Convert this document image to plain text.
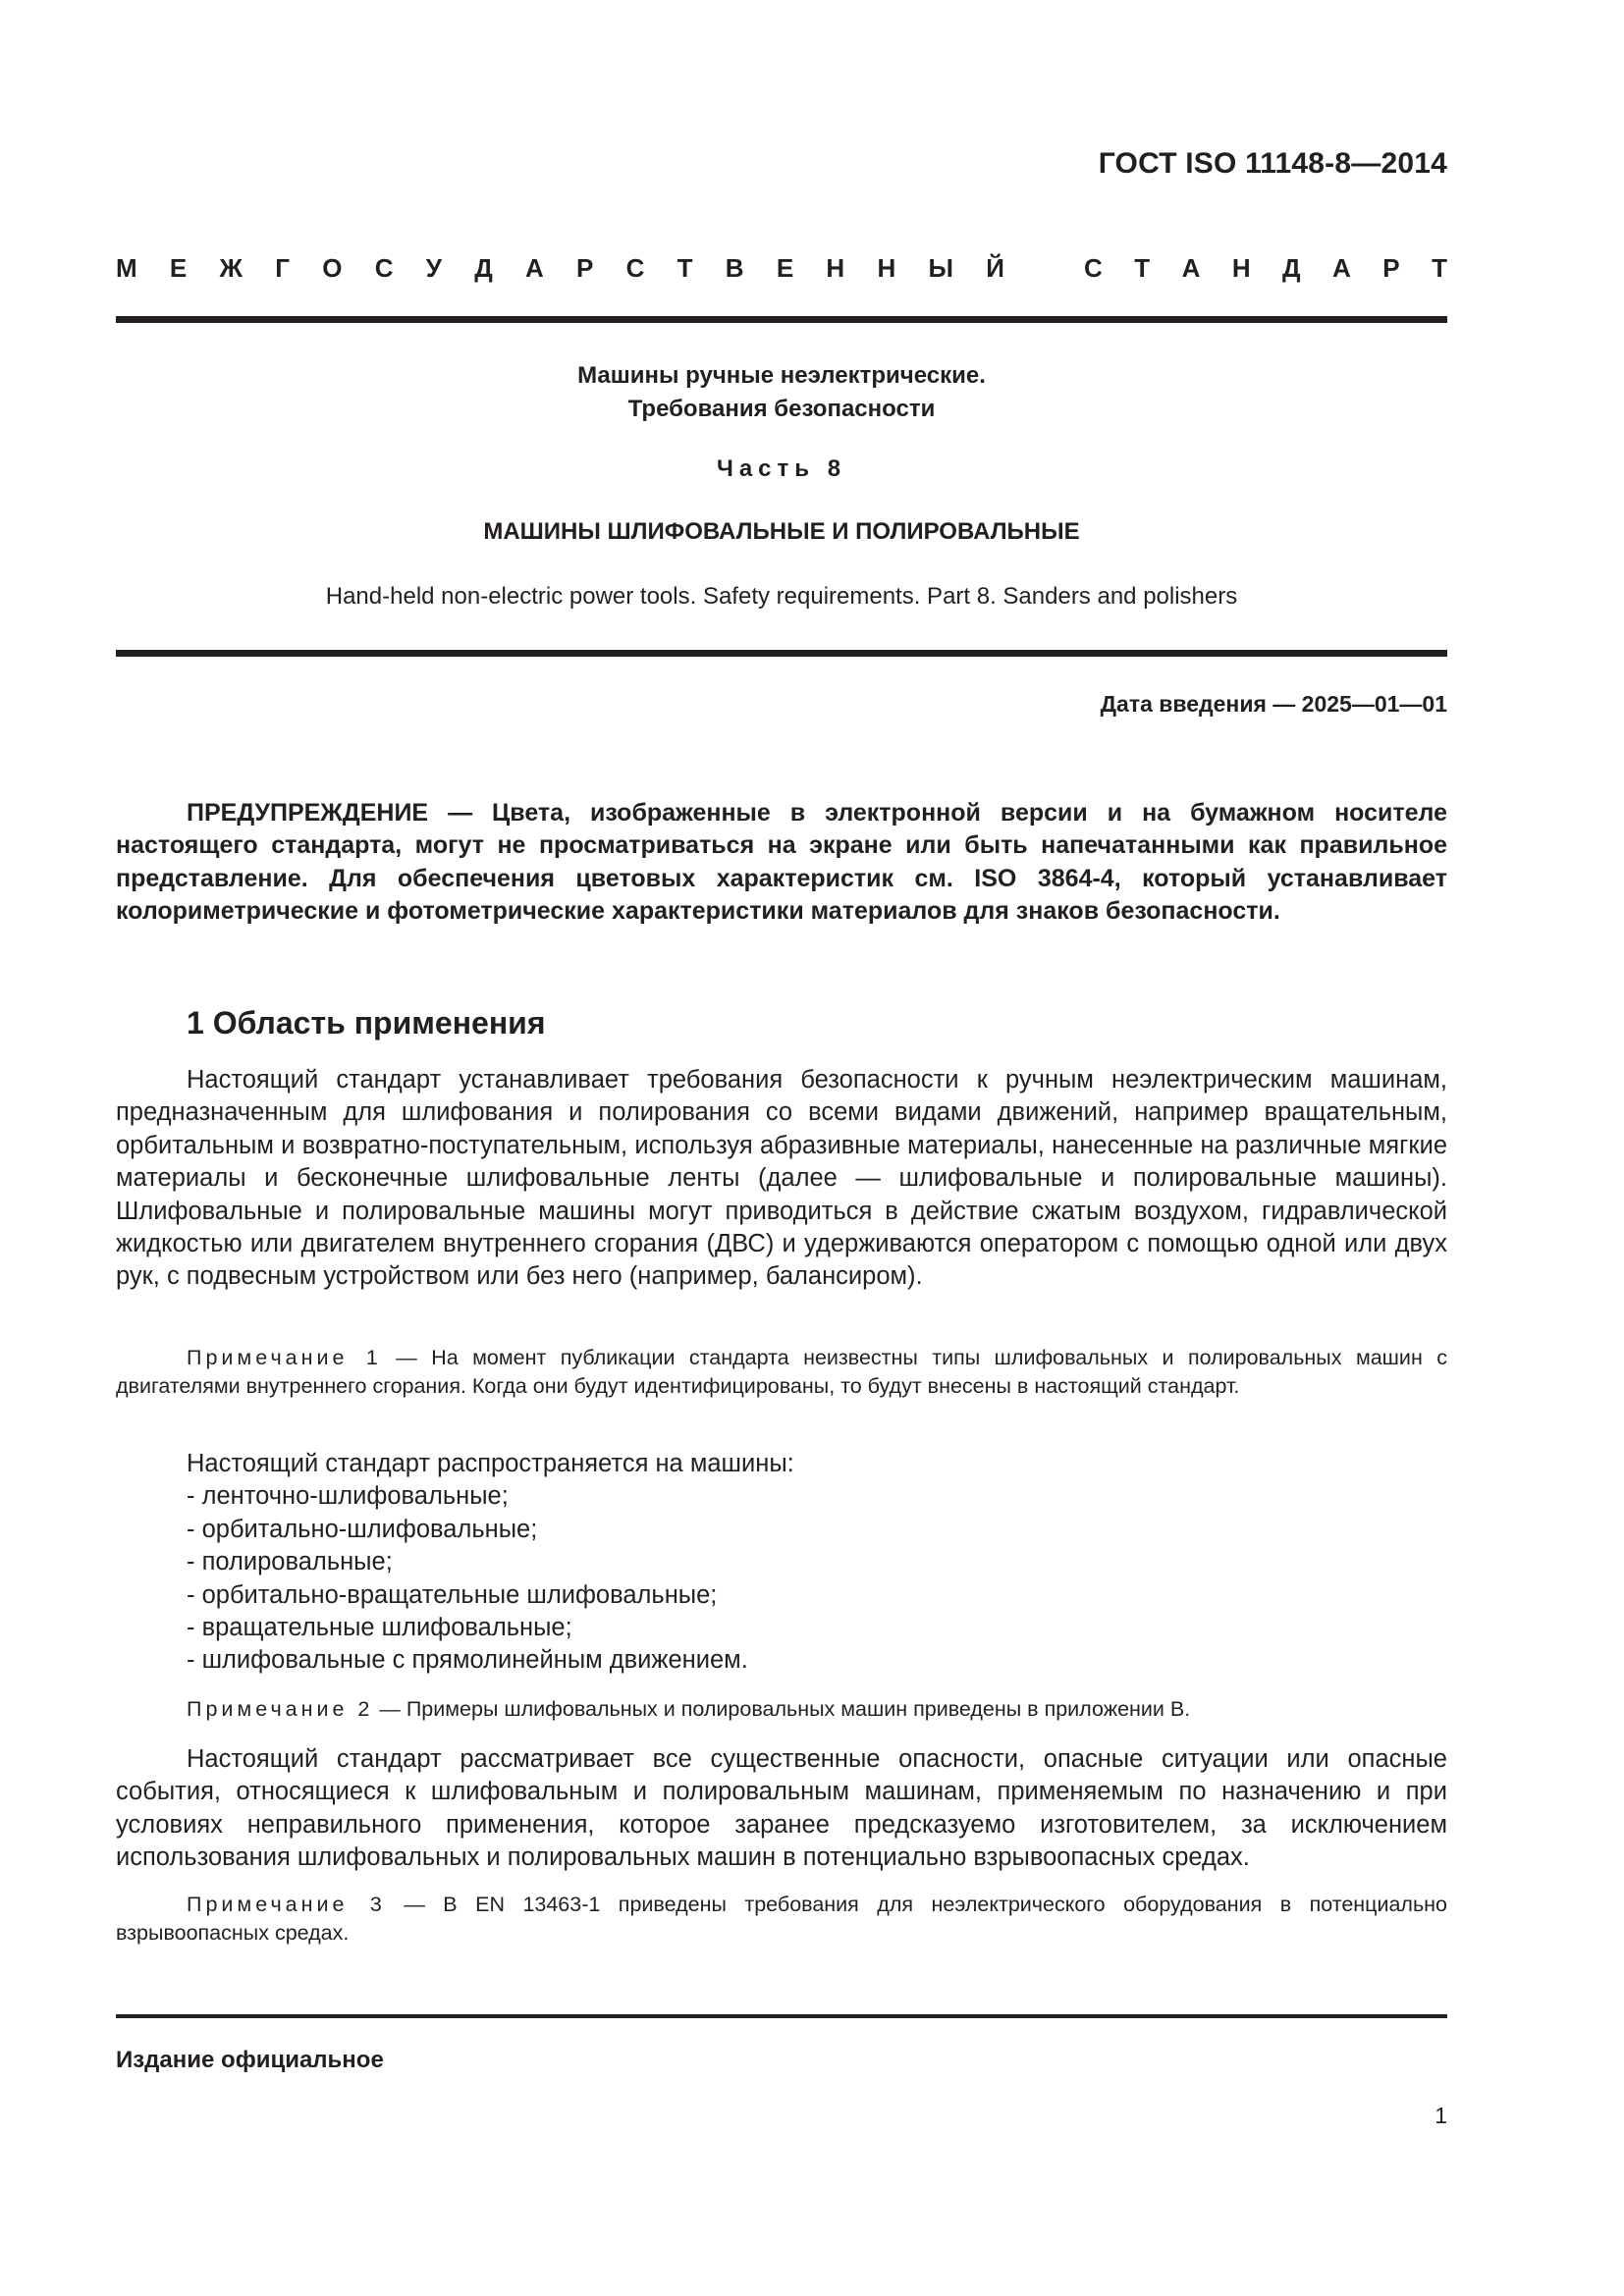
ГОСТ ISO 11148-8—2014
М Е Ж Г О С У Д А Р С Т В Е Н Н Ы Й	С Т А Н Д А Р Т
Машины ручные неэлектрические.
Требования безопасности
Часть 8
МАШИНЫ ШЛИФОВАЛЬНЫЕ И ПОЛИРОВАЛЬНЫЕ
Hand-held non-electric power tools. Safety requirements. Part 8. Sanders and polishers
Дата введения — 2025—01—01

ПРЕДУПРЕЖДЕНИЕ — Цвета, изображенные в электронной версии и на бумажном носителе настоящего стандарта, могут не просматриваться на экране или быть напечатанными как правильное представление. Для обеспечения цветовых характеристик см. ISO 3864-4, который устанавливает колориметрические и фотометрические характеристики материалов для знаков безопасности.

1 Область применения

Настоящий стандарт устанавливает требования безопасности к ручным неэлектрическим машинам, предназначенным для шлифования и полирования со всеми видами движений, например вращательным, орбитальным и возвратно-поступательным, используя абразивные материалы, нанесенные на различные мягкие материалы и бесконечные шлифовальные ленты (далее — шлифовальные и полировальные машины). Шлифовальные и полировальные машины могут приводиться в действие сжатым воздухом, гидравлической жидкостью или двигателем внутреннего сгорания (ДВС) и удерживаются оператором с помощью одной или двух рук, с подвесным устройством или без него (например, балансиром).

Примечание 1 — На момент публикации стандарта неизвестны типы шлифовальных и полировальных машин с двигателями внутреннего сгорания. Когда они будут идентифицированы, то будут внесены в настоящий стандарт.

Настоящий стандарт распространяется на машины:

- ленточно-шлифовальные;
- орбитально-шлифовальные;
- полировальные;
- орбитально-вращательные шлифовальные;
- вращательные шлифовальные;
- шлифовальные с прямолинейным движением.

Примечание 2 — Примеры шлифовальных и полировальных машин приведены в приложении В.

Настоящий стандарт рассматривает все существенные опасности, опасные ситуации или опасные события, относящиеся к шлифовальным и полировальным машинам, применяемым по назначению и при условиях неправильного применения, которое заранее предсказуемо изготовителем, за исключением использования шлифовальных и полировальных машин в потенциально взрывоопасных средах.

Примечание 3 — В EN 13463-1 приведены требования для неэлектрического оборудования в потенциально взрывоопасных средах.

Издание официальное
1
